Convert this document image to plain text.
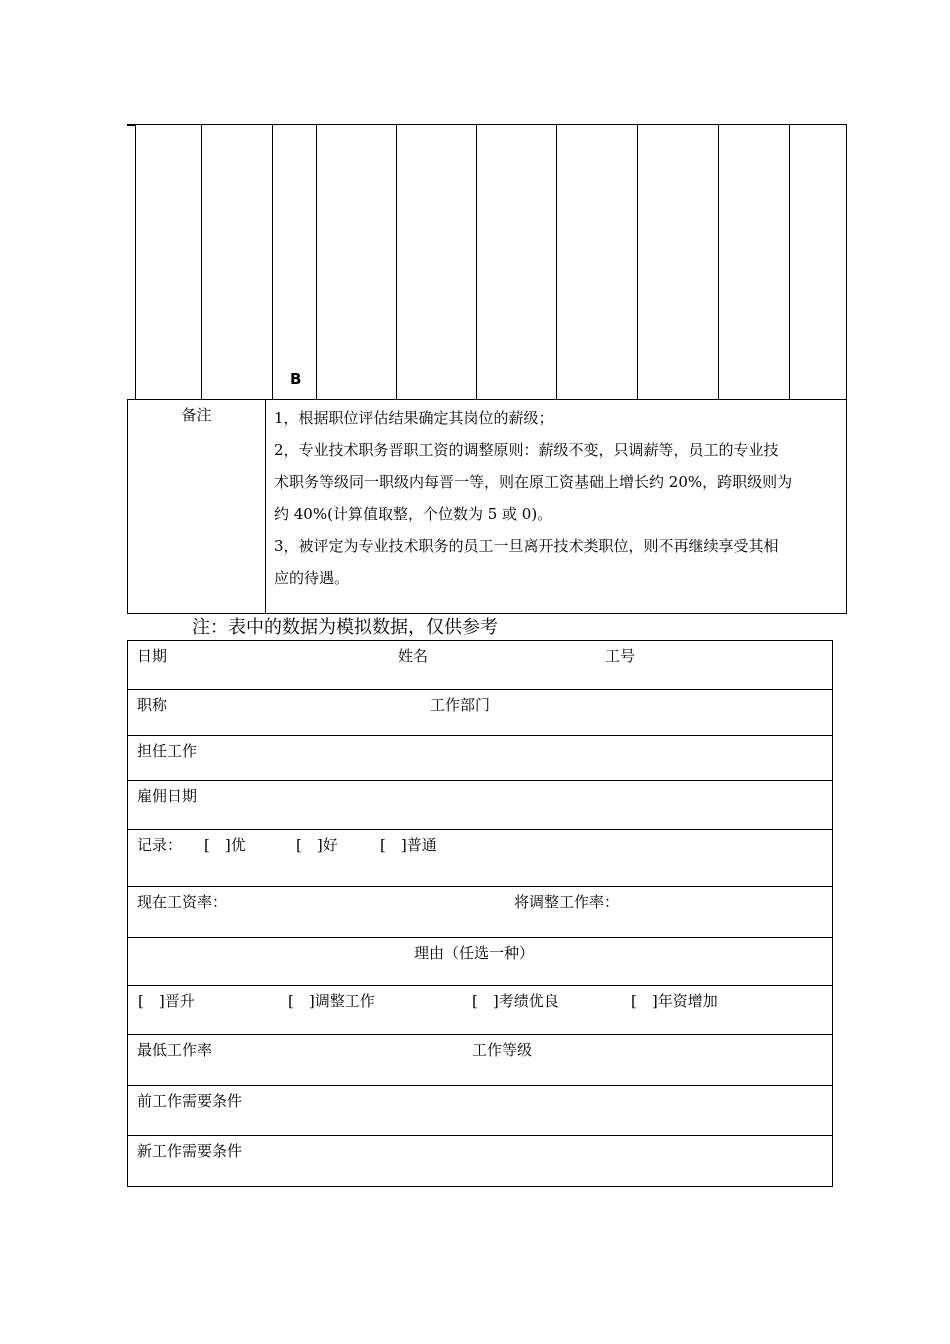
B
备注	1，根据职位评估结果确定其岗位的薪级；

2，专业技术职务晋职工资的调整原则：薪级不变，只调薪等，员工的专业技

术职务等级同一职级内每晋一等，则在原工资基础上增长约 20%，跨职级则为

约 40%(计算值取整，个位数为 5 或 0)。

3，被评定为专业技术职务的员工一旦离开技术类职位，则不再继续享受其相

应的待遇。

注：表中的数据为模拟数据，仅供参考
日期	姓名	工号
职称	工作部门
担任工作
雇佣日期
记录： [　]优	[　]好	[　]普通
现在工资率：	将调整工作率：
理由（任选一种）
[　]晋升	[　]调整工作	[　]考绩优良	[　]年资增加
最低工作率	工作等级
前工作需要条件
新工作需要条件
